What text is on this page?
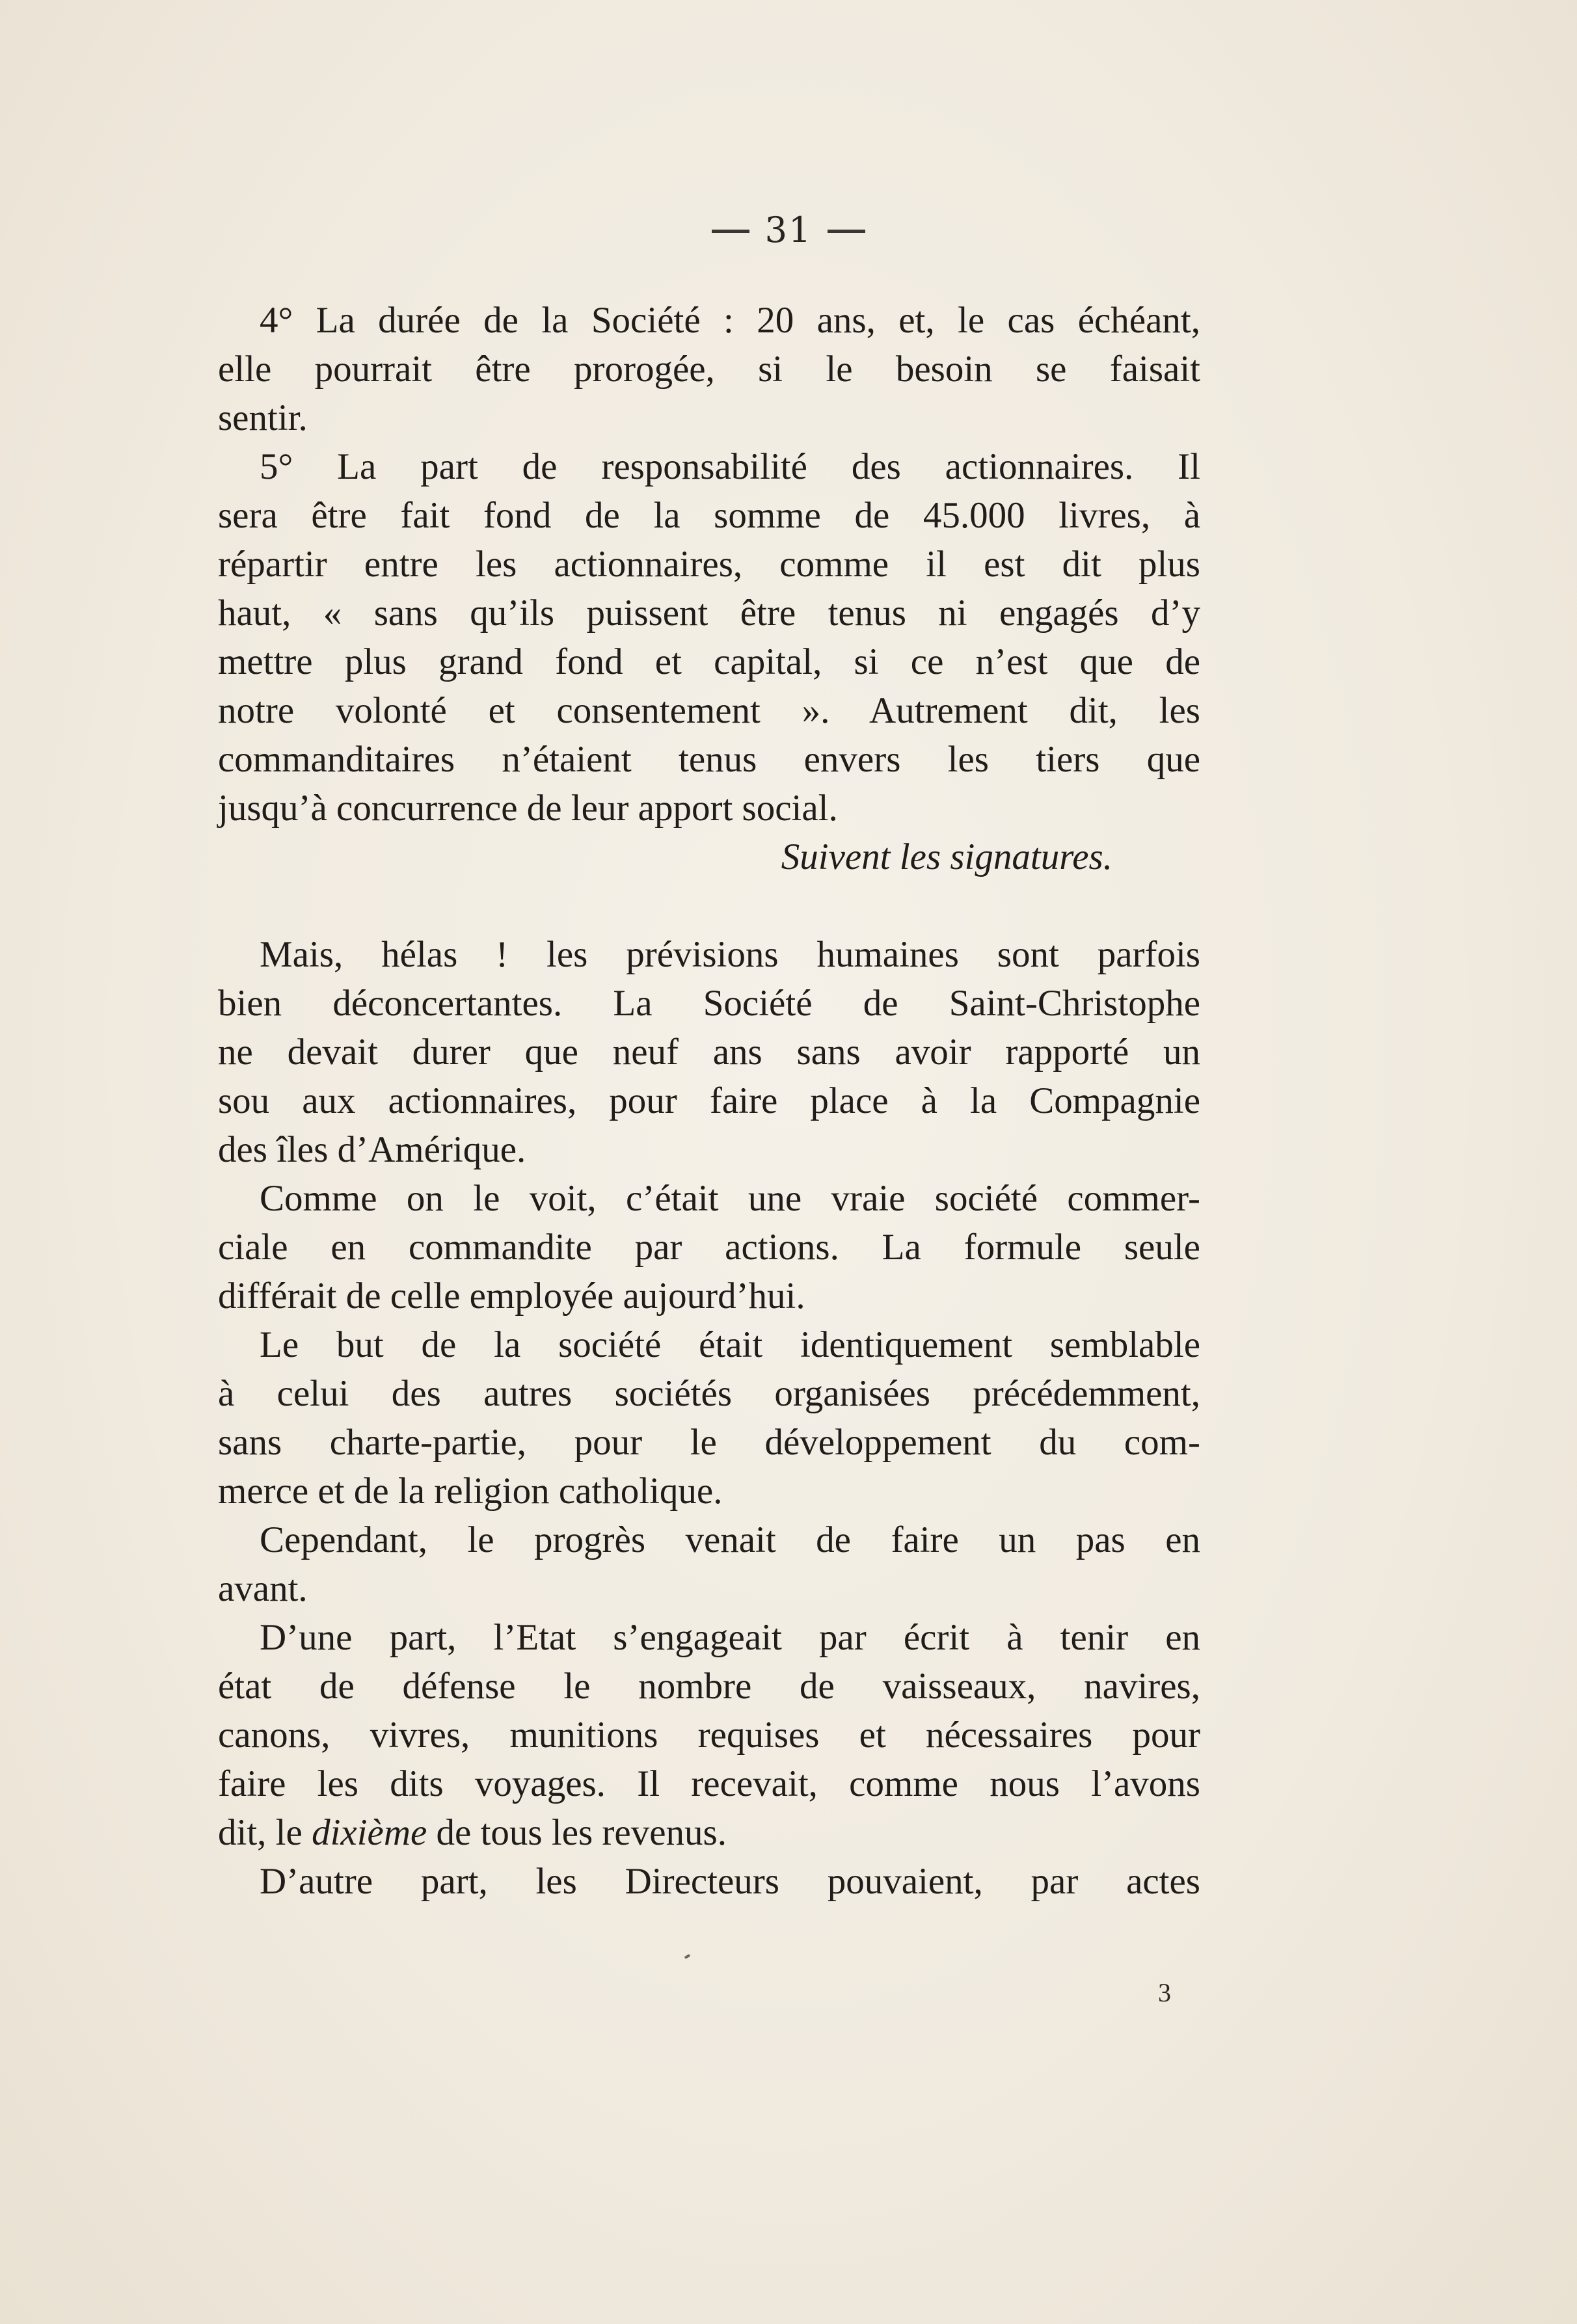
31
4° La durée de la Société : 20 ans, et, le cas échéant,
elle pourrait être prorogée, si le besoin se faisait
sentir.
5° La part de responsabilité des actionnaires. Il
sera être fait fond de la somme de 45.000 livres, à
répartir entre les actionnaires, comme il est dit plus
haut, « sans qu’ils puissent être tenus ni engagés d’y
mettre plus grand fond et capital, si ce n’est que de
notre volonté et consentement ». Autrement dit, les
commanditaires n’étaient tenus envers les tiers que
jusqu’à concurrence de leur apport social.
Suivent les signatures.
Mais, hélas ! les prévisions humaines sont parfois
bien déconcertantes. La Société de Saint-Christophe
ne devait durer que neuf ans sans avoir rapporté un
sou aux actionnaires, pour faire place à la Compagnie
des îles d’Amérique.
Comme on le voit, c’était une vraie société commer-
ciale en commandite par actions. La formule seule
différait de celle employée aujourd’hui.
Le but de la société était identiquement semblable
à celui des autres sociétés organisées précédemment,
sans charte-partie, pour le développement du com-
merce et de la religion catholique.
Cependant, le progrès venait de faire un pas en
avant.
D’une part, l’Etat s’engageait par écrit à tenir en
état de défense le nombre de vaisseaux, navires,
canons, vivres, munitions requises et nécessaires pour
faire les dits voyages. Il recevait, comme nous l’avons
dit, le dixième de tous les revenus.
D’autre part, les Directeurs pouvaient, par actes
3
